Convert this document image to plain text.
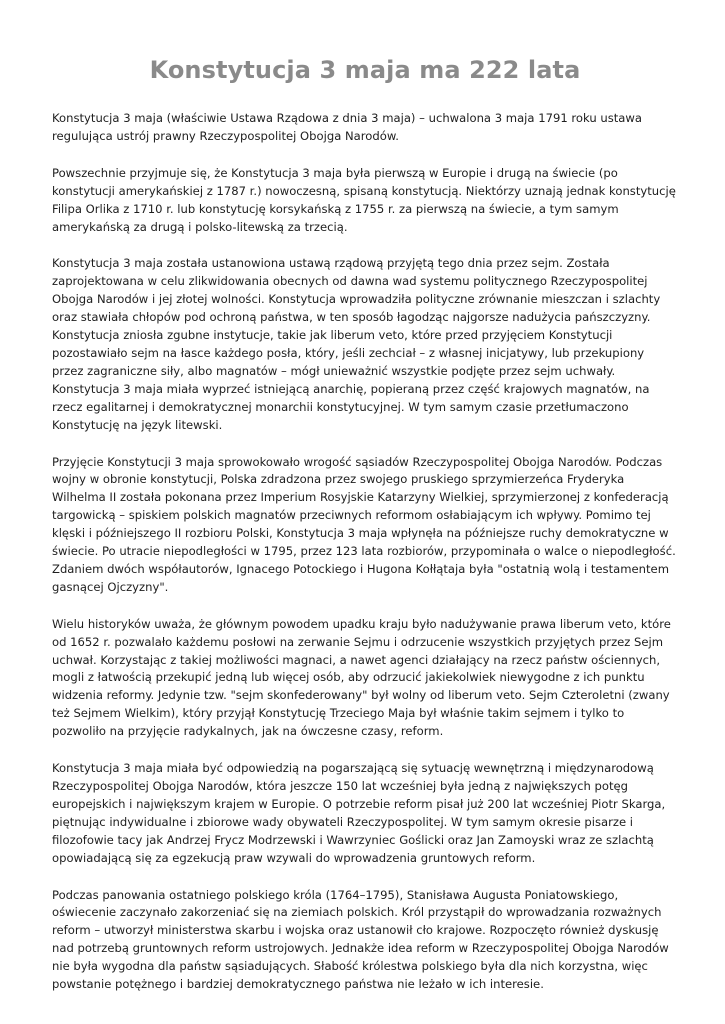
Konstytucja 3 maja ma 222 lata

Konstytucja 3 maja (właściwie Ustawa Rządowa z dnia 3 maja) – uchwalona 3 maja 1791 roku ustawa regulująca ustrój prawny Rzeczypospolitej Obojga Narodów.

Powszechnie przyjmuje się, że Konstytucja 3 maja była pierwszą w Europie i drugą na świecie (po konstytucji amerykańskiej z 1787 r.) nowoczesną, spisaną konstytucją. Niektórzy uznają jednak konstytucję Filipa Orlika z 1710 r. lub konstytucję korsykańską z 1755 r. za pierwszą na świecie, a tym samym amerykańską za drugą i polsko-litewską za trzecią.

Konstytucja 3 maja została ustanowiona ustawą rządową przyjętą tego dnia przez sejm. Została zaprojektowana w celu zlikwidowania obecnych od dawna wad systemu politycznego Rzeczypospolitej Obojga Narodów i jej złotej wolności. Konstytucja wprowadziła polityczne zrównanie mieszczan i szlachty oraz stawiała chłopów pod ochroną państwa, w ten sposób łagodząc najgorsze nadużycia pańszczyzny. Konstytucja zniosła zgubne instytucje, takie jak liberum veto, które przed przyjęciem Konstytucji pozostawiało sejm na łasce każdego posła, który, jeśli zechciał – z własnej inicjatywy, lub przekupiony przez zagraniczne siły, albo magnatów – mógł unieważnić wszystkie podjęte przez sejm uchwały. Konstytucja 3 maja miała wyprzeć istniejącą anarchię, popieraną przez część krajowych magnatów, na rzecz egalitarnej i demokratycznej monarchii konstytucyjnej. W tym samym czasie przetłumaczono Konstytucję na język litewski.

Przyjęcie Konstytucji 3 maja sprowokowało wrogość sąsiadów Rzeczypospolitej Obojga Narodów. Podczas wojny w obronie konstytucji, Polska zdradzona przez swojego pruskiego sprzymierzeńca Fryderyka Wilhelma II została pokonana przez Imperium Rosyjskie Katarzyny Wielkiej, sprzymierzonej z konfederacją targowicką – spiskiem polskich magnatów przeciwnych reformom osłabiającym ich wpływy. Pomimo tej klęski i późniejszego II rozbioru Polski, Konstytucja 3 maja wpłynęła na późniejsze ruchy demokratyczne w świecie. Po utracie niepodległości w 1795, przez 123 lata rozbiorów, przypominała o walce o niepodległość. Zdaniem dwóch współautorów, Ignacego Potockiego i Hugona Kołłątaja była "ostatnią wolą i testamentem gasnącej Ojczyzny".

Wielu historyków uważa, że głównym powodem upadku kraju było nadużywanie prawa liberum veto, które od 1652 r. pozwalało każdemu posłowi na zerwanie Sejmu i odrzucenie wszystkich przyjętych przez Sejm uchwał. Korzystając z takiej możliwości magnaci, a nawet agenci działający na rzecz państw ościennych, mogli z łatwością przekupić jedną lub więcej osób, aby odrzucić jakiekolwiek niewygodne z ich punktu widzenia reformy. Jedynie tzw. "sejm skonfederowany" był wolny od liberum veto. Sejm Czteroletni (zwany też Sejmem Wielkim), który przyjął Konstytucję Trzeciego Maja był właśnie takim sejmem i tylko to pozwoliło na przyjęcie radykalnych, jak na ówczesne czasy, reform.

Konstytucja 3 maja miała być odpowiedzią na pogarszającą się sytuację wewnętrzną i międzynarodową Rzeczypospolitej Obojga Narodów, która jeszcze 150 lat wcześniej była jedną z największych potęg europejskich i największym krajem w Europie. O potrzebie reform pisał już 200 lat wcześniej Piotr Skarga, piętnując indywidualne i zbiorowe wady obywateli Rzeczypospolitej. W tym samym okresie pisarze i filozofowie tacy jak Andrzej Frycz Modrzewski i Wawrzyniec Goślicki oraz Jan Zamoyski wraz ze szlachtą opowiadającą się za egzekucją praw wzywali do wprowadzenia gruntowych reform.

Podczas panowania ostatniego polskiego króla (1764–1795), Stanisława Augusta Poniatowskiego, oświecenie zaczynało zakorzeniać się na ziemiach polskich. Król przystąpił do wprowadzania rozważnych reform – utworzył ministerstwa skarbu i wojska oraz ustanowił cło krajowe. Rozpoczęto również dyskusję nad potrzebą gruntownych reform ustrojowych. Jednakże idea reform w Rzeczypospolitej Obojga Narodów nie była wygodna dla państw sąsiadujących. Słabość królestwa polskiego była dla nich korzystna, więc powstanie potężnego i bardziej demokratycznego państwa nie leżało w ich interesie.
